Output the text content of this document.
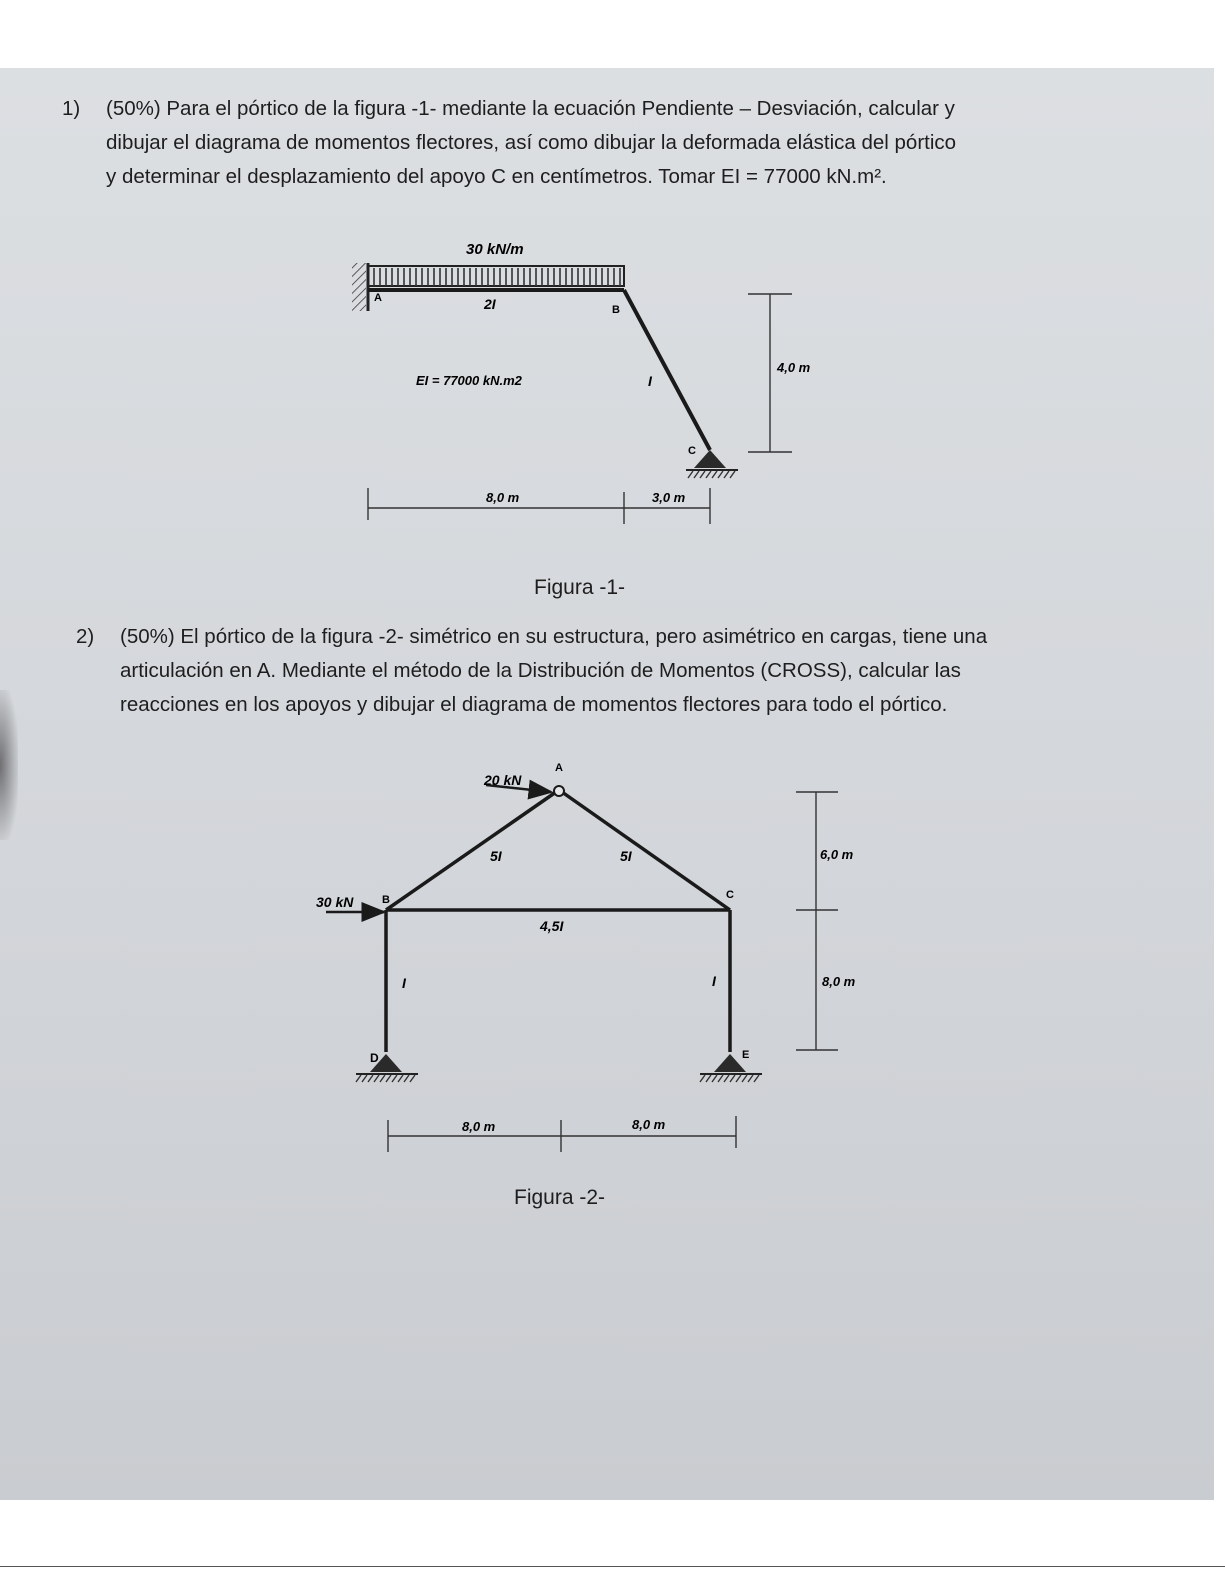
1) (50%) Para el pórtico de la figura -1- mediante la ecuación Pendiente – Desviación, calcular y
dibujar el diagrama de momentos flectores, así como dibujar la deformada elástica del pórtico
y determinar el desplazamiento del apoyo C en centímetros. Tomar EI = 77000 kN.m².
30 kN/m
A
B
C
2I
I
EI = 77000 kN.m2
4,0 m
8,0 m	3,0 m
Figura -1-
2) (50%) El pórtico de la figura -2- simétrico en su estructura, pero asimétrico en cargas, tiene una
articulación en A. Mediante el método de la Distribución de Momentos (CROSS), calcular las
reacciones en los apoyos y dibujar el diagrama de momentos flectores para todo el pórtico.
20 kN
30 kN
A
B	C
D	E
5I	5I
4,5I
I	I
6,0 m
8,0 m
8,0 m	8,0 m
Figura -2-
